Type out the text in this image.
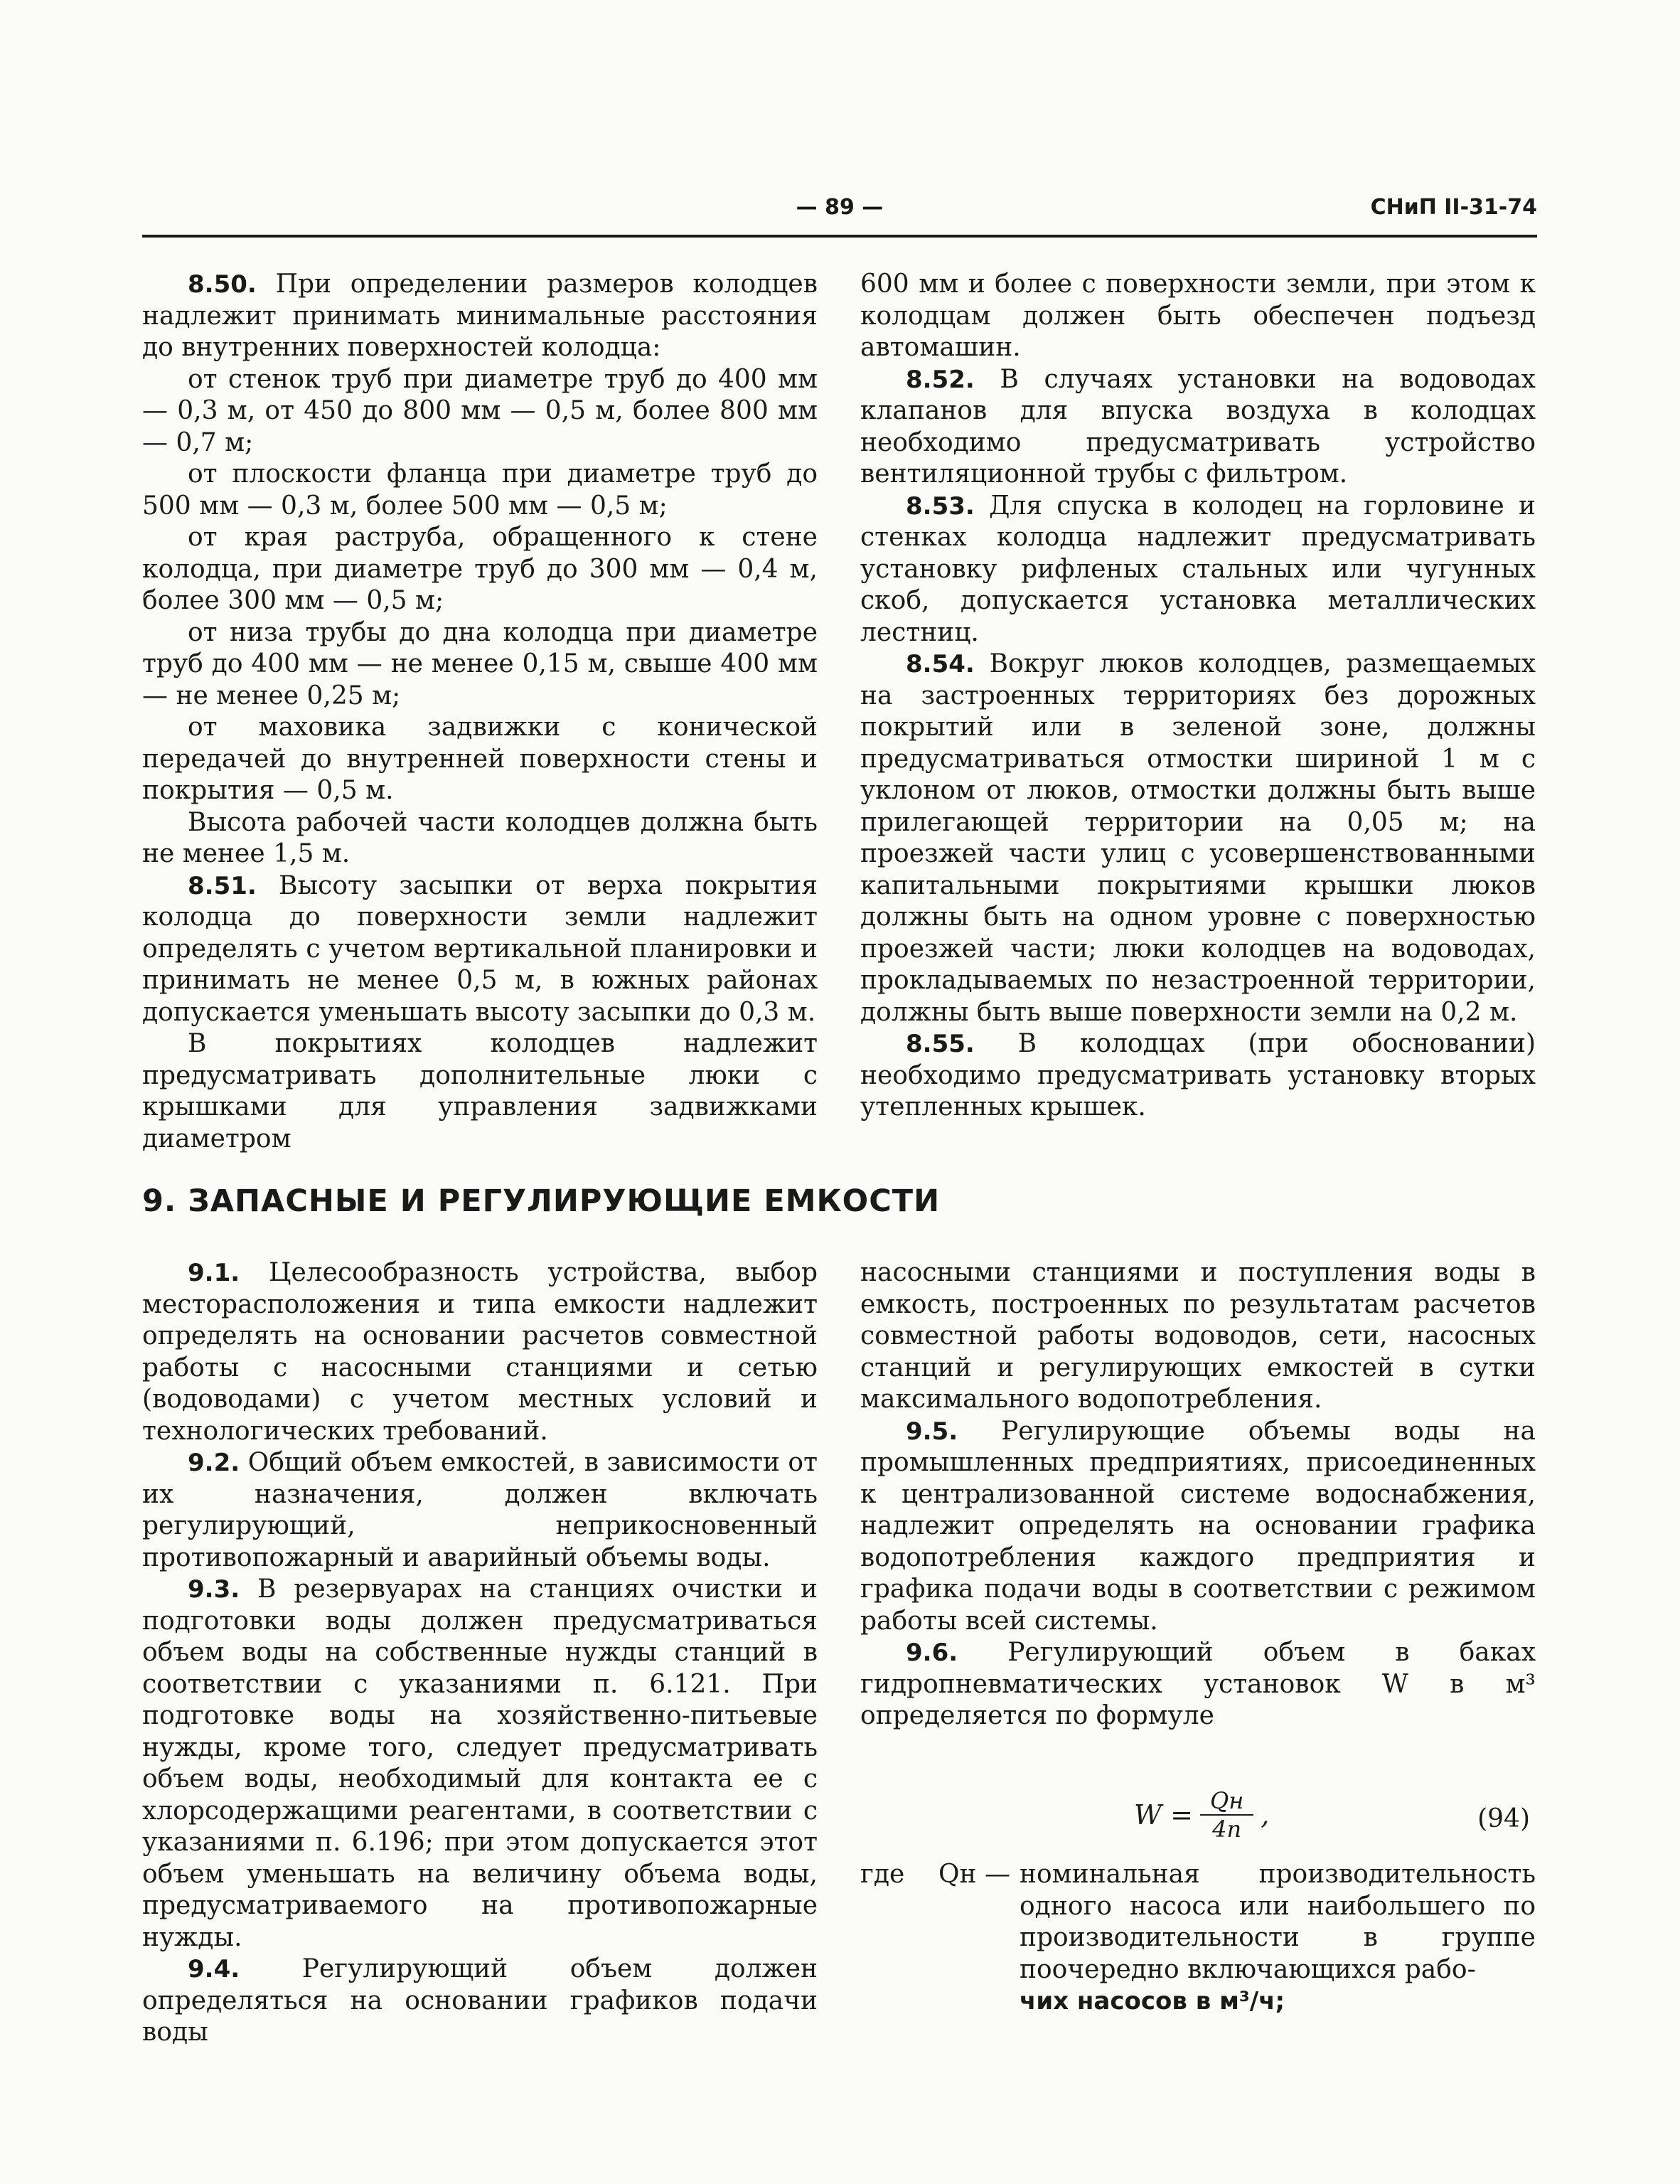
— 89 —	СНиП II-31-74

8.50. При определении размеров колодцев надлежит принимать минимальные расстояния до внутренних поверхностей колодца:

от стенок труб при диаметре труб до 400 мм — 0,3 м, от 450 до 800 мм — 0,5 м, более 800 мм — 0,7 м;

от плоскости фланца при диаметре труб до 500 мм — 0,3 м, более 500 мм — 0,5 м;

от края раструба, обращенного к стене колодца, при диаметре труб до 300 мм — 0,4 м, более 300 мм — 0,5 м;

от низа трубы до дна колодца при диаметре труб до 400 мм — не менее 0,15 м, свыше 400 мм — не менее 0,25 м;

от маховика задвижки с конической передачей до внутренней поверхности стены и покрытия — 0,5 м.

Высота рабочей части колодцев должна быть не менее 1,5 м.

8.51. Высоту засыпки от верха покрытия колодца до поверхности земли надлежит определять с учетом вертикальной планировки и принимать не менее 0,5 м, в южных районах допускается уменьшать высоту засыпки до 0,3 м.

В покрытиях колодцев надлежит предусматривать дополнительные люки с крышками для управления задвижками диаметром

600 мм и более с поверхности земли, при этом к колодцам должен быть обеспечен подъезд автомашин.

8.52. В случаях установки на водоводах клапанов для впуска воздуха в колодцах необходимо предусматривать устройство вентиляционной трубы с фильтром.

8.53. Для спуска в колодец на горловине и стенках колодца надлежит предусматривать установку рифленых стальных или чугунных скоб, допускается установка металлических лестниц.

8.54. Вокруг люков колодцев, размещаемых на застроенных территориях без дорожных покрытий или в зеленой зоне, должны предусматриваться отмостки шириной 1 м с уклоном от люков, отмостки должны быть выше прилегающей территории на 0,05 м; на проезжей части улиц с усовершенствованными капитальными покрытиями крышки люков должны быть на одном уровне с поверхностью проезжей части; люки колодцев на водоводах, прокладываемых по незастроенной территории, должны быть выше поверхности земли на 0,2 м.

8.55. В колодцах (при обосновании) необходимо предусматривать установку вторых утепленных крышек.

9. ЗАПАСНЫЕ И РЕГУЛИРУЮЩИЕ ЕМКОСТИ

9.1. Целесообразность устройства, выбор месторасположения и типа емкости надлежит определять на основании расчетов совместной работы с насосными станциями и сетью (водоводами) с учетом местных условий и технологических требований.

9.2. Общий объем емкостей, в зависимости от их назначения, должен включать регулирующий, неприкосновенный противопожарный и аварийный объемы воды.

9.3. В резервуарах на станциях очистки и подготовки воды должен предусматриваться объем воды на собственные нужды станций в соответствии с указаниями п. 6.121. При подготовке воды на хозяйственно-питьевые нужды, кроме того, следует предусматривать объем воды, необходимый для контакта ее с хлорсодержащими реагентами, в соответствии с указаниями п. 6.196; при этом допускается этот объем уменьшать на величину объема воды, предусматриваемого на противопожарные нужды.

9.4. Регулирующий объем должен определяться на основании графиков подачи воды

насосными станциями и поступления воды в емкость, построенных по результатам расчетов совместной работы водоводов, сети, насосных станций и регулирующих емкостей в сутки максимального водопотребления.

9.5. Регулирующие объемы воды на промышленных предприятиях, присоединенных к централизованной системе водоснабжения, надлежит определять на основании графика водопотребления каждого предприятия и графика подачи воды в соответствии с режимом работы всей системы.

9.6. Регулирующий объем в баках гидропневматических установок W в м³ определяется по формуле

$W = \frac{Qн}{4n}$ ,	(94)
где Qн — номинальная производительность одного насоса или наибольшего по производительности в группе поочередно включающихся рабо-
чих насосов в м³/ч;
